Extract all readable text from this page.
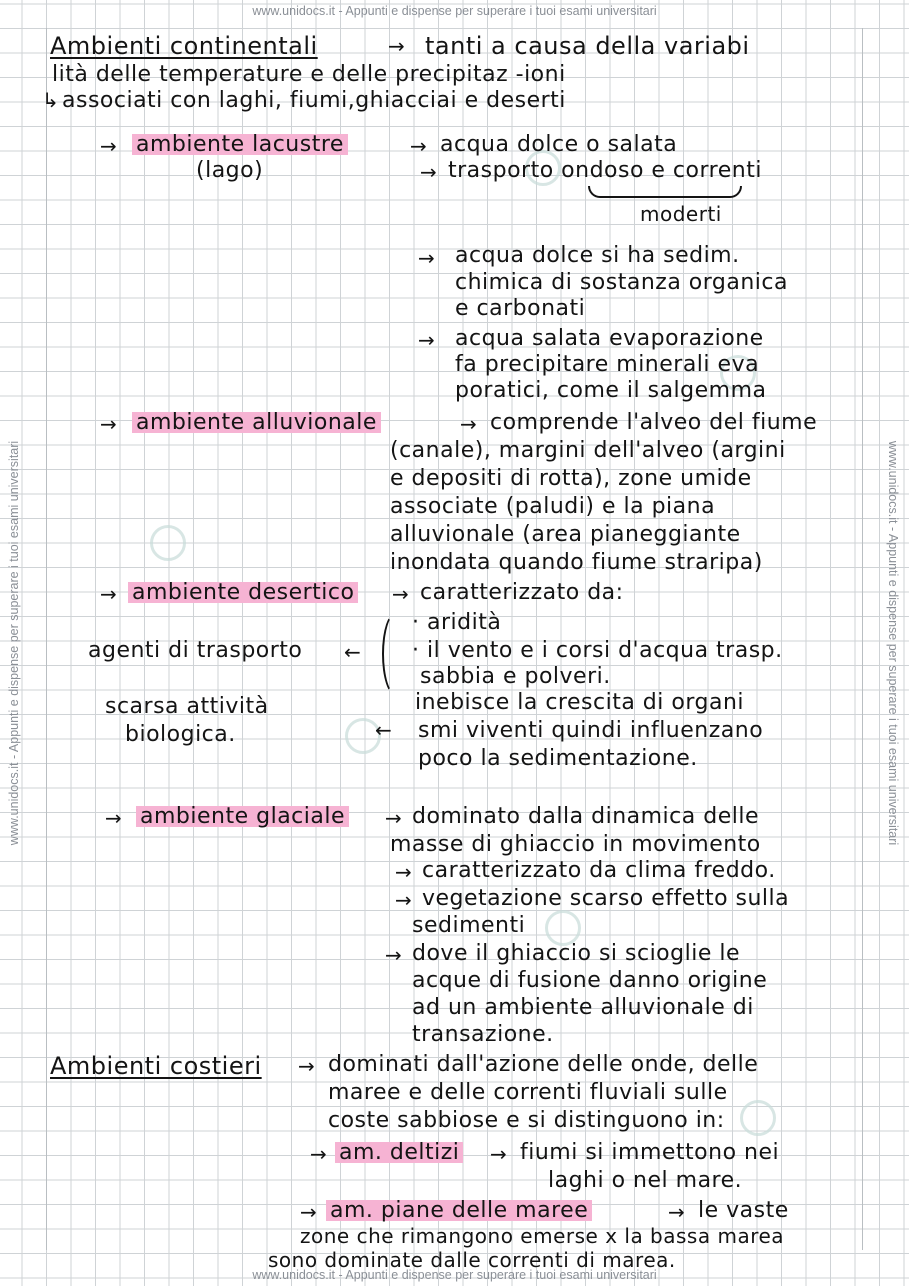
www.unidocs.it - Appunti e dispense per superare i tuoi esami universitari
www.unidocs.it - Appunti e dispense per superare i tuoi esami universitari
www.unidocs.it - Appunti e dispense per superare i tuoi esami universitari
www.unidocs.it - Appunti e dispense per superare i tuoi esami universitari
Ambienti continentali	→ tanti a causa della variabi
lità delle temperature e delle precipitaz -ioni
↳ associati con laghi, fiumi,ghiacciai e deserti
→ ambiente lacustre
(lago)
→ acqua dolce o salata
→ trasporto ondoso e correnti
moderti
→ acqua dolce si ha sedim.
chimica di sostanza organica
e carbonati
→ acqua salata evaporazione
fa precipitare minerali eva
poratici, come il salgemma
→ ambiente alluvionale	→ comprende l'alveo del fiume
(canale), margini dell'alveo (argini
e depositi di rotta), zone umide
associate (paludi) e la piana
alluvionale (area pianeggiante
inondata quando fiume straripa)
→ ambiente desertico → caratterizzato da:
· aridità
· il vento e i corsi d'acqua trasp.
sabbia e polveri.
agenti di trasporto ←
inebisce la crescita di organi
← smi viventi quindi influenzano
poco la sedimentazione.
scarsa attività
biologica.
→ ambiente glaciale → dominato dalla dinamica delle
masse di ghiaccio in movimento
→ caratterizzato da clima freddo.
→ vegetazione scarso effetto sulla
sedimenti
→ dove il ghiaccio si scioglie le
acque di fusione danno origine
ad un ambiente alluvionale di
transazione.
Ambienti costieri → dominati dall'azione delle onde, delle
maree e delle correnti fluviali sulle
coste sabbiose e si distinguono in:
→ am. deltizi → fiumi si immettono nei
laghi o nel mare.
→ am. piane delle maree	→ le vaste
zone che rimangono emerse x la bassa marea
sono dominate dalle correnti di marea.
